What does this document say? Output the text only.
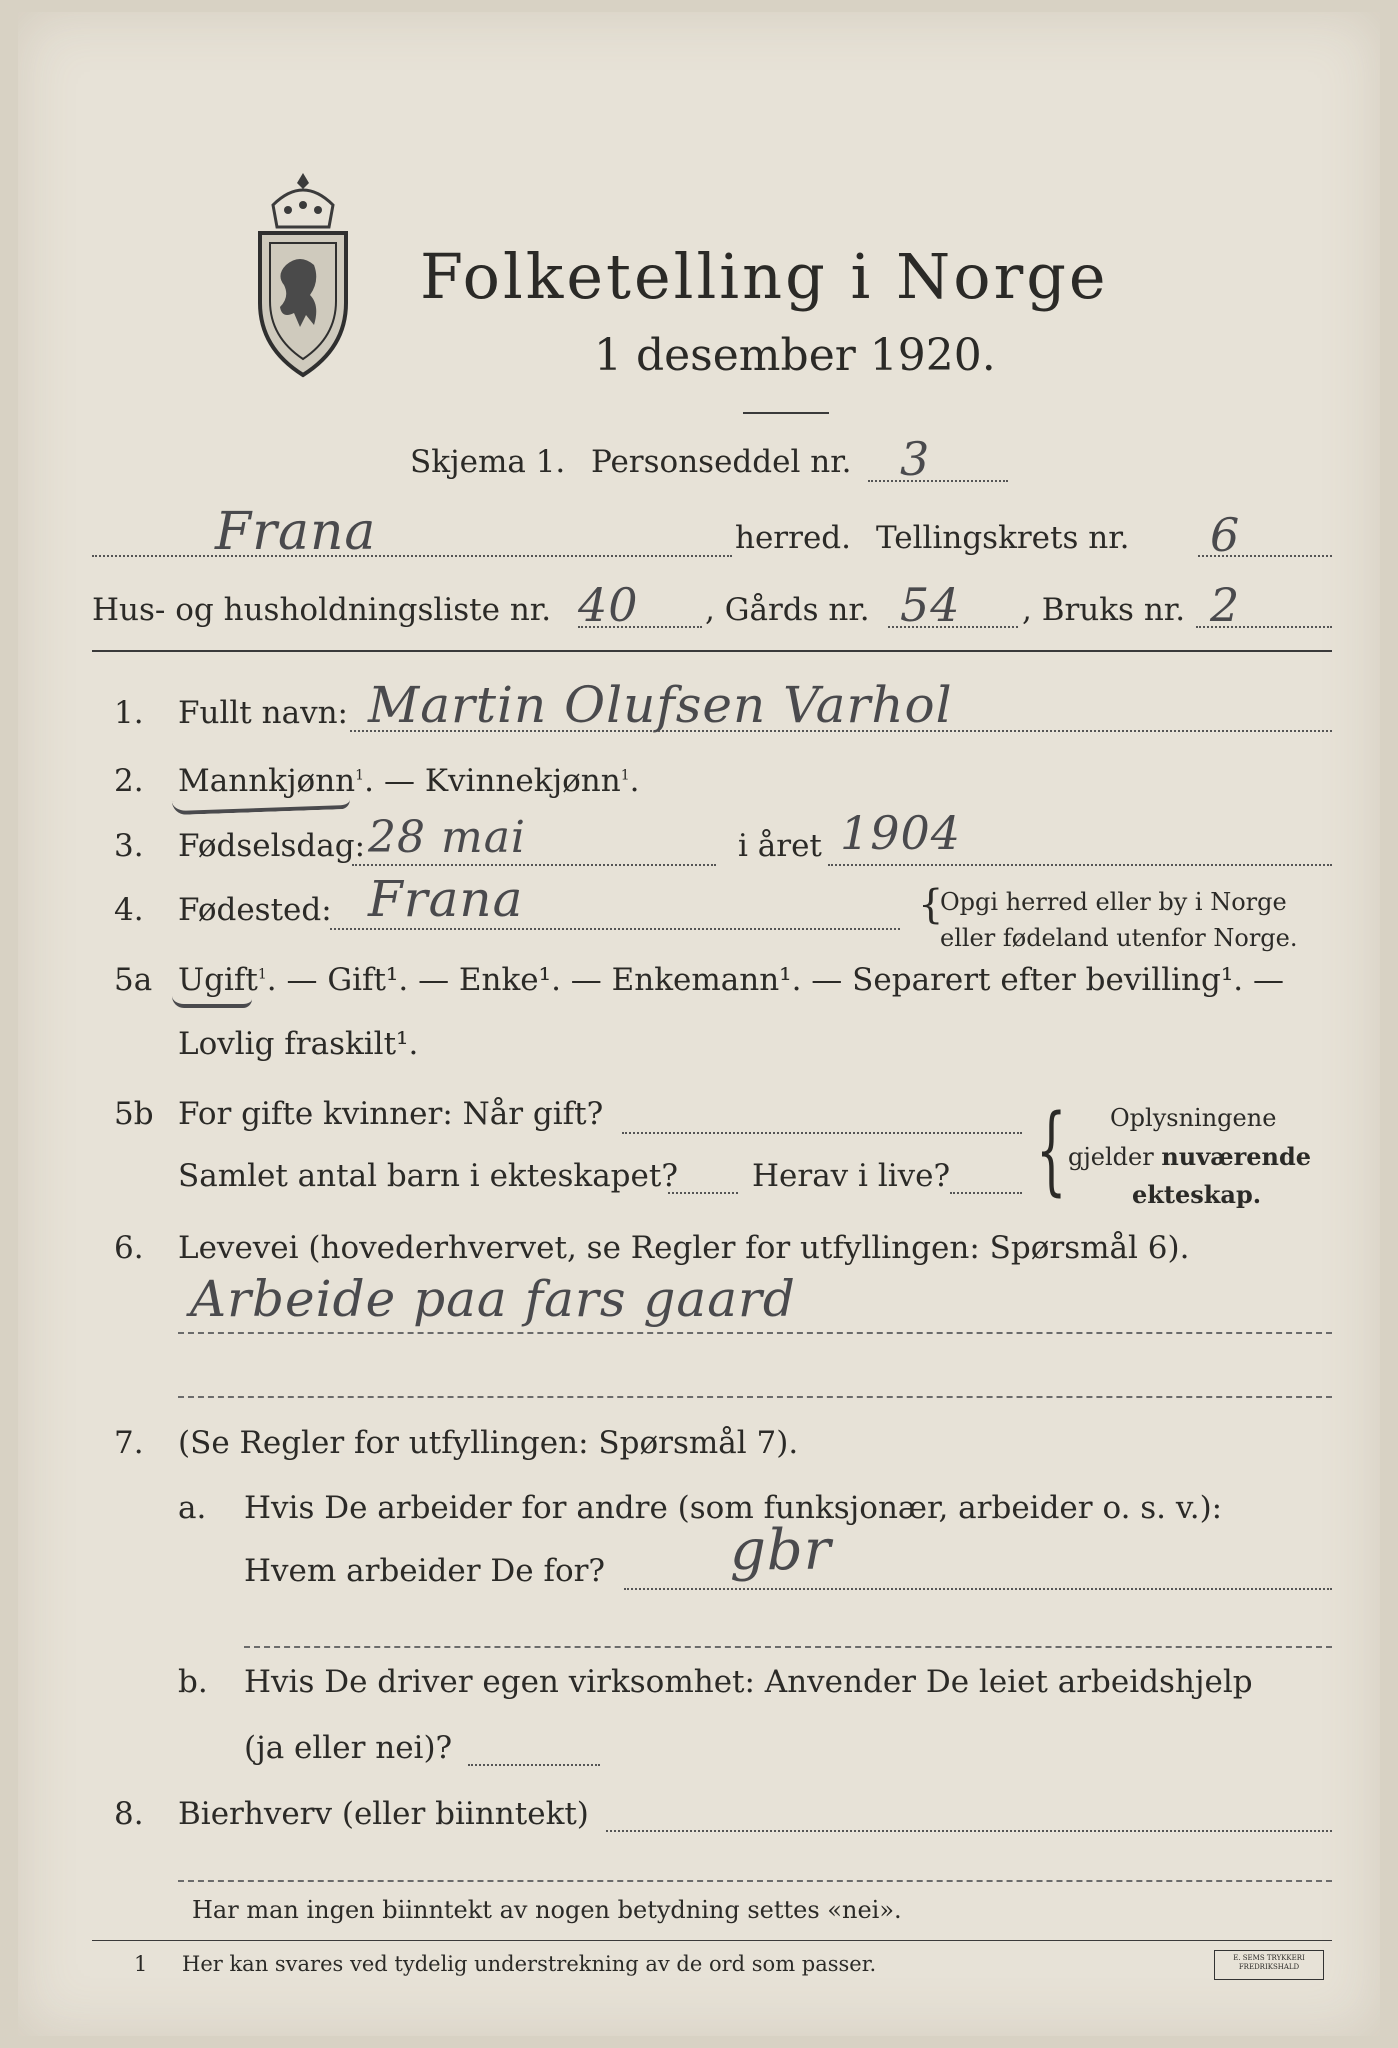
Folketelling i Norge
1 desember 1920.
Skjema 1. Personseddel nr. 3
Frana	herred. Tellingskrets nr. 6
Hus- og husholdningsliste nr. 40 , Gårds nr. 54 , Bruks nr. 2
1. Fullt navn: Martin Olufsen Varhol
2. Mannkjønn$^1$. — Kvinnekjønn$^1$.
3. Fødselsdag: 28 mai	i året 1904
4. Fødested: Frana	{
Opgi herred eller by i Norge
eller fødeland utenfor Norge.
5a Ugift$^1$. — Gift¹. — Enke¹. — Enkemann¹. — Separert efter bevilling¹. —
Lovlig fraskilt¹.
5b For gifte kvinner: Når gift?
Samlet antal barn i ekteskapet? Herav i live? { Oplysningene
gjelder nuværende
ekteskap.
6. Levevei (hovederhvervet, se Regler for utfyllingen: Spørsmål 6).
Arbeide paa fars gaard
7. (Se Regler for utfyllingen: Spørsmål 7).
a. Hvis De arbeider for andre (som funksjonær, arbeider o. s. v.):
Hvem arbeider De for? gbr
b. Hvis De driver egen virksomhet: Anvender De leiet arbeidshjelp
(ja eller nei)?
8. Bierhverv (eller biinntekt)
Har man ingen biinntekt av nogen betydning settes «nei».
1 Her kan svares ved tydelig understrekning av de ord som passer.	E. SEMS TRYKKERI FREDRIKSHALD
